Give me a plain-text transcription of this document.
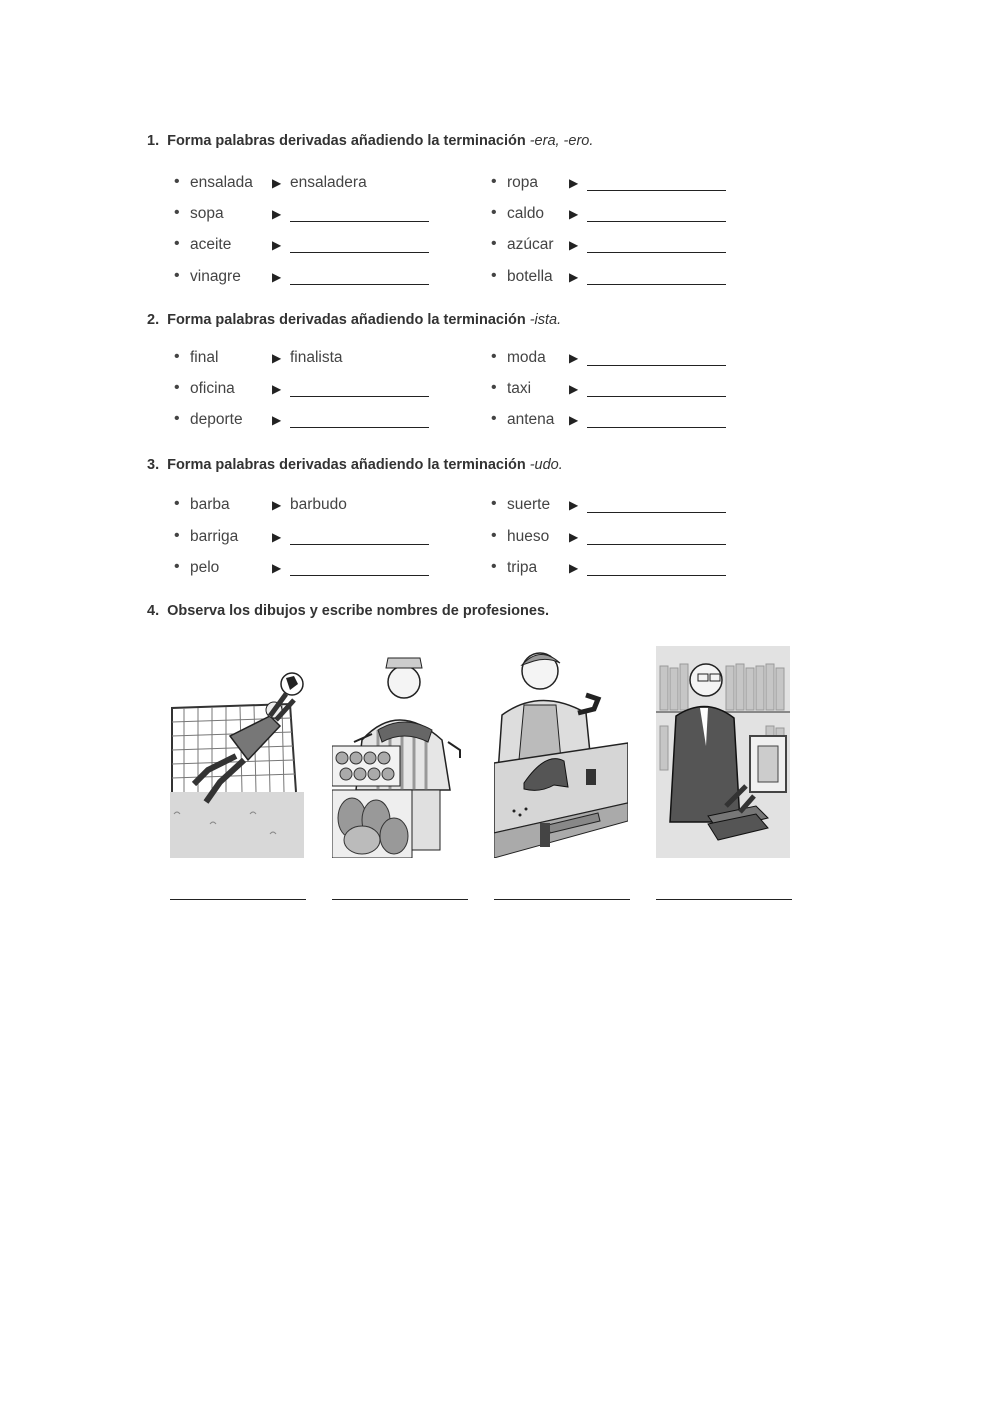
1. Forma palabras derivadas añadiendo la terminación -era, -ero.
• ensalada ▶ ensaladera
• sopa	▶
• aceite	▶
• vinagre	▶
• ropa	▶
• caldo ▶
• azúcar ▶
• botella ▶
2. Forma palabras derivadas añadiendo la terminación -ista.
• final	▶ finalista
• oficina	▶
• deporte ▶
• moda ▶
• taxi	▶
• antena ▶
3. Forma palabras derivadas añadiendo la terminación -udo.
• barba	▶ barbudo
• barriga	▶
• pelo	▶
• suerte ▶
• hueso ▶
• tripa	▶
4. Observa los dibujos y escribe nombres de profesiones.
